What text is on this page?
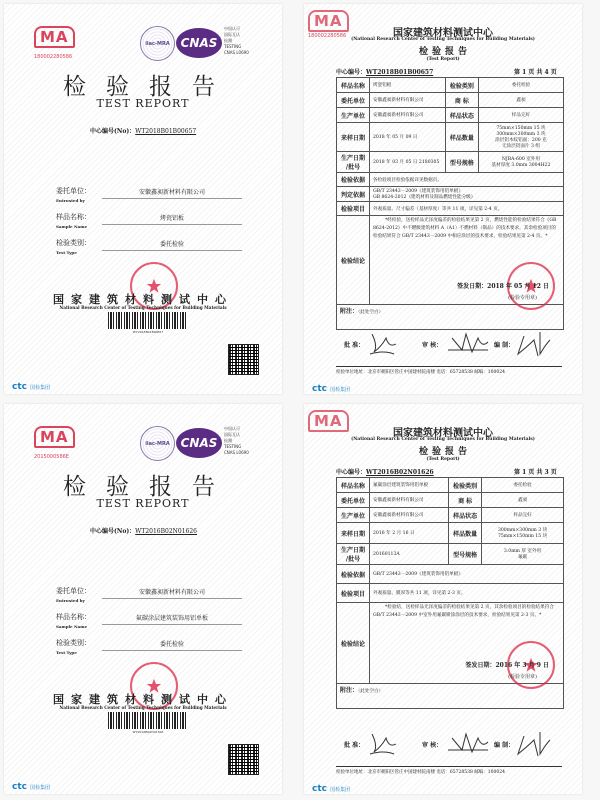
MA
180002280586
ilac-MRA CNAS
中国认可
国际互认
检测
TESTING
CNAS L0690
检验报告
TEST REPORT
中心编号(No)：WT2018B01B00657
委托单位：
Entrusted by
安徽鑫昶新材料有限公司
样品名称：
Sample Name
烤瓷铝板
检验类别：
Test Type
委托检验
国家建筑材料测试中心
National Research Center of Testing Techniques for Building Materials
WT2018B01B00657
ctc 国检集团
MA
180002280586	国家建筑材料测试中心
(National Research Center of Testing Techniques for Building Materials)
检验报告
(Test Report)
中心编号：WT2018B01B00657	第 1 页 共 4 页
样品名称	烤瓷铝板	检验类别	委托检验
委托单位	安徽鑫昶新材料有限公司	商 标	鑫昶
生产单位	安徽鑫昶新材料有限公司	样品状态	样品完好
来样日期	2018 年 05 月 09 日	样品数量	75mm×150mm 15 块
300mm×300mm 3 块
涂层铝木纹铝面：200 克
无涂层铝面片 3 组
生产日期
/批号	2018 年 03 月 05 日 2180305	型号规格	NJBA-600 室外用
基材厚度 3.0mm 3004H22
检验依据	各检验项目检验依据详见数据页。		
判定依据	GB/T 23443－2009《建筑装饰用铝单板》
GB 8624-2012《建筑材料及制品燃烧性能分级》		
检验项目	外观质量、尺寸偏差（基材厚度）等共 11 项，详见第 2-4 页。		
检验结论	*经检验，送检样品光泽度偏差的检验结果见第 2 页，燃烧性能的检验结果符合《GB 8624-2012》中不燃级建筑材料 A（A1）不燃材料（制品）的技术要求，其余检验项目的检验结果符合 GB/T 23443－2009 中相应涂层的技术要求，检验结果见第 2-4 页。*
签发日期：2018 年 05 月 12 日
(检验专用章)		

附注：（此处空白）			
批 准：	审 核：	编 制：
检验单位地址：北京市朝阳区管庄中国建材院南楼 电话：65728538 邮编：100024
ctc 国检集团
MA
2015000586E
ilac-MRA CNAS
中国认可
国际互认
检测
TESTING
CNAS L0690
检验报告
TEST REPORT
中心编号(No)：WT2016B02N01626
委托单位：
Entrusted by
安徽鑫昶新材料有限公司
样品名称：
Sample Name
氟碳涂层建筑装饰用铝单板
检验类别：
Test Type
委托检验
国家建筑材料测试中心
National Research Center of Testing Techniques for Building Materials
WT2016B02N01626
ctc 国检集团
MA
国家建筑材料测试中心
(National Research Center of Testing Techniques for Building Materials)
检验报告
(Test Report)
中心编号：WT2016B02N01626	第 1 页 共 3 页
样品名称	氟碳涂层建筑装饰用铝单板	检验类别	委托检验
委托单位	安徽鑫昶新材料有限公司	商 标	鑫昶
生产单位	安徽鑫昶新材料有限公司	样品状态	样品完好
来样日期	2016 年 2 月 16 日	样品数量	300mm×300mm 3 块
75mm×150mm 15 块
生产日期
/批号	20160113A	型号规格	3.0mm 厚 室外用
氟碳
检验依据	GB/T 23443－2009《建筑装饰用铝单板》		
检验项目	外观质量、膜厚等共 11 项，详见第 2-3 页。		
检验结论	*检验结，送检样品光泽度偏差的检验结果见第 2 页，其余检验项目的检验结果符合 GB/T 23443－2009 中室外用氟碳喷涂涂层的技术要求，检验结果见第 2-3 页。*
签发日期：2016 年 3 月 9 日
(检验专用章)		

附注：（此处空白）			
批 准：	审 核：	编 制：
检验单位地址：北京市朝阳区管庄中国建材院南楼 电话：65728538 邮编：100024
ctc 国检集团
